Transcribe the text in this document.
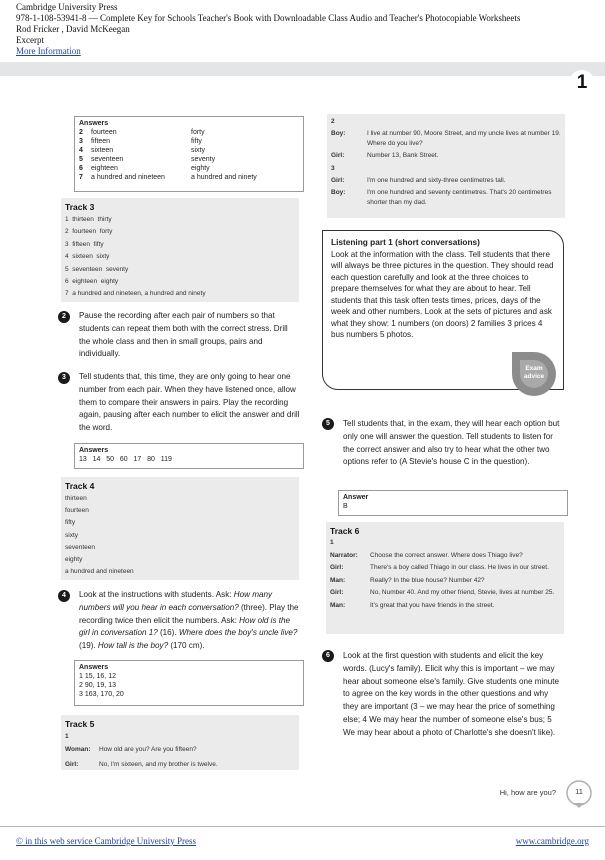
Cambridge University Press
978-1-108-53941-8 — Complete Key for Schools Teacher's Book with Downloadable Class Audio and Teacher's Photocopiable Worksheets
Rod Fricker , David McKeegan
Excerpt
More Information
1
Answers
2	fourteen	forty
3	fifteen	fifty
4	sixteen	sixty
5	seventeen	seventy
6	eighteen	eighty
7	a hundred and nineteen	a hundred and ninety
Track 3
1  thirteen  thirty
2  fourteen  forty
3  fifteen  fifty
4  sixteen  sixty
5  seventeen  seventy
6  eighteen  eighty
7  a hundred and nineteen, a hundred and ninety
2	Pause the recording after each pair of numbers so that students can repeat them both with the correct stress. Drill the whole class and then in small groups, pairs and individually.
3	Tell students that, this time, they are only going to hear one number from each pair. When they have listened once, allow them to compare their answers in pairs. Play the recording again, pausing after each number to elicit the answer and drill the word.
Answers
13   14   50   60   17   80   119
Track 4
thirteen
fourteen
fifty
sixty
seventeen
eighty
a hundred and nineteen
4	Look at the instructions with students. Ask: How many numbers will you hear in each conversation? (three). Play the recording twice then elicit the numbers. Ask: How old is the girl in conversation 1? (16). Where does the boy's uncle live? (19). How tall is the boy? (170 cm).
Answers
1 15, 16, 12
2 90, 19, 13
3 163, 170, 20
Track 5
1
Woman:	How old are you? Are you fifteen?
Girl:	No, I'm sixteen, and my brother is twelve.
2
Boy:	I live at number 90, Moore Street, and my uncle lives at number 19. Where do you live?
Girl:	Number 13, Bank Street.
3
Girl:	I'm one hundred and sixty-three centimetres tall.
Boy:	I'm one hundred and seventy centimetres. That's 20 centimetres shorter than my dad.
Listening part 1 (short conversations)
Look at the information with the class. Tell students that there will always be three pictures in the question. They should read each question carefully and look at the three choices to prepare themselves for what they are about to hear. Tell students that this task often tests times, prices, days of the week and other numbers. Look at the sets of pictures and ask what they show: 1 numbers (on doors) 2 families 3 prices 4 bus numbers 5 photos.
Exam advice
5	Tell students that, in the exam, they will hear each option but only one will answer the question. Tell students to listen for the correct answer and also try to hear what the other two options refer to (A Stevie's house C in the question).
Answer
B
Track 6
1
Narrator:	Choose the correct answer. Where does Thiago live?
Girl:	There's a boy called Thiago in our class. He lives in our street.
Man:	Really? In the blue house? Number 42?
Girl:	No, Number 40. And my other friend, Stevie, lives at number 25.
Man:	It's great that you have friends in the street.
6	Look at the first question with students and elicit the key words. (Lucy's family). Elicit why this is important – we may hear about someone else's family. Give students one minute to agree on the key words in the other questions and why they are important (3 – we may hear the price of something else; 4 We may hear the number of someone else's bus; 5 We may hear about a photo of Charlotte's she doesn't like).
Hi, how are you?	11
© in this web service Cambridge University Press	www.cambridge.org
